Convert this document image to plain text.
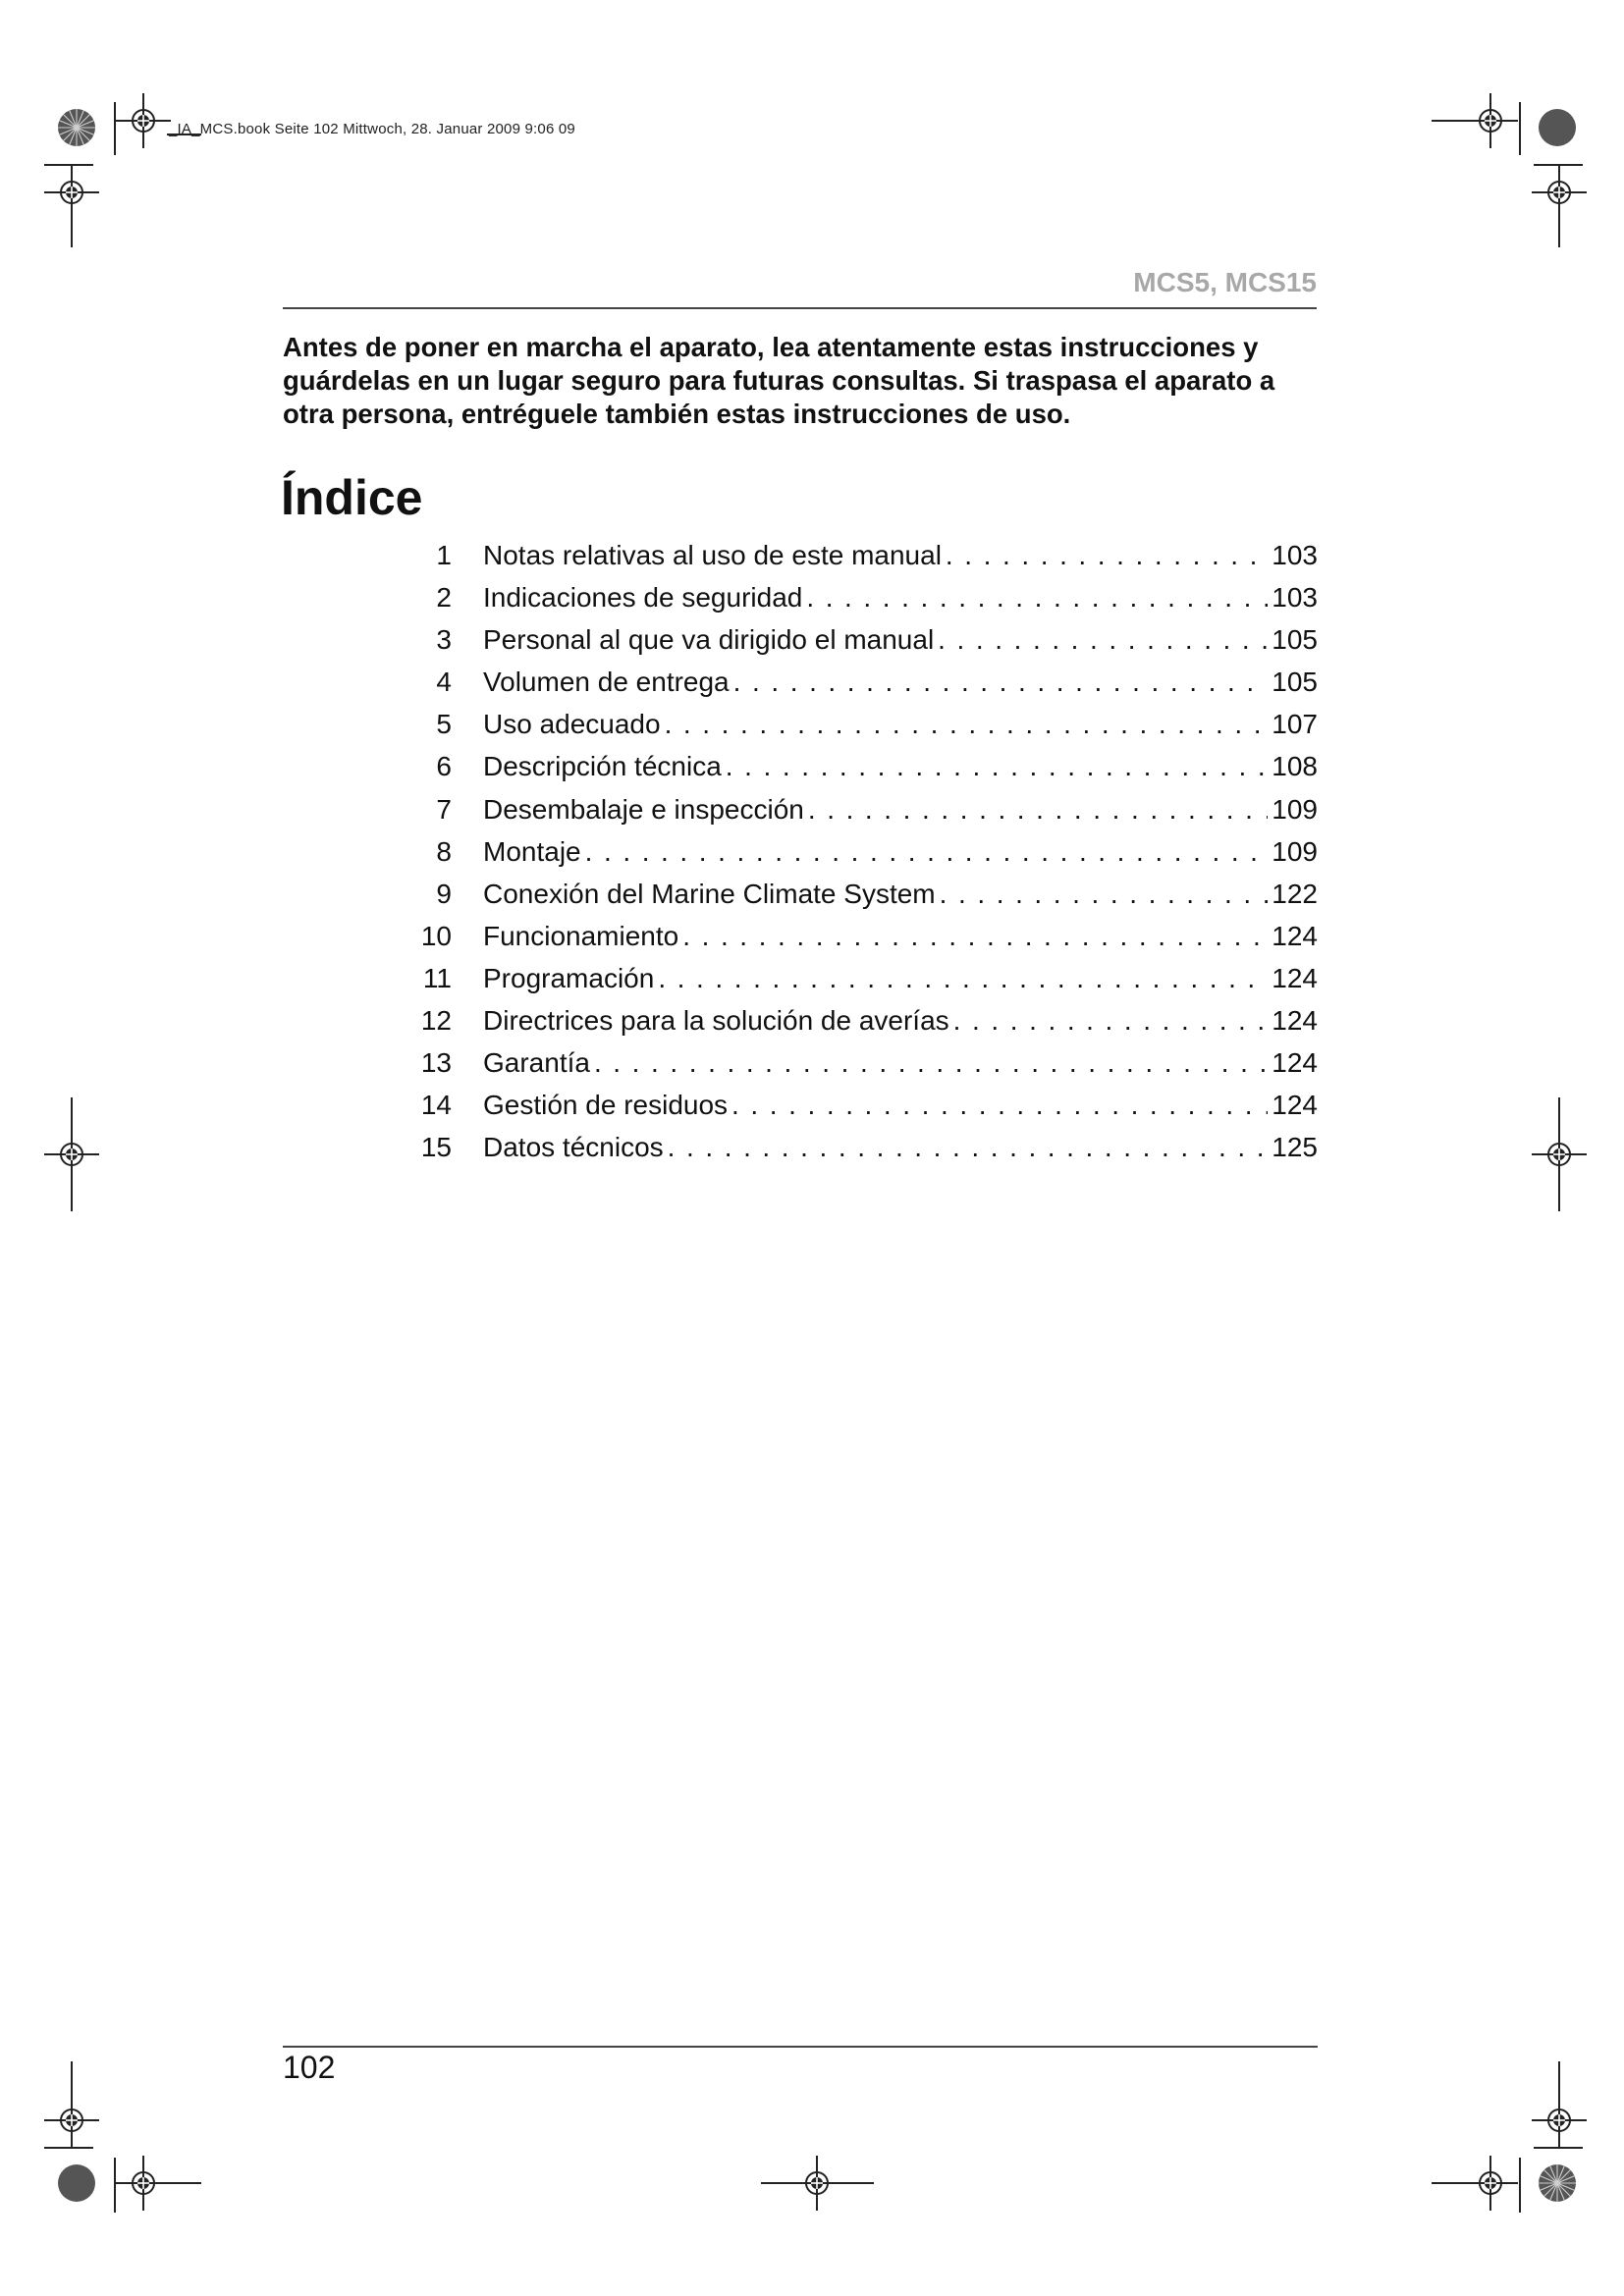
_IA_MCS.book Seite 102 Mittwoch, 28. Januar 2009 9:06 09
MCS5, MCS15
Antes de poner en marcha el aparato, lea atentamente estas instrucciones y guárdelas en un lugar seguro para futuras consultas. Si traspasa el aparato a otra persona, entréguele también estas instrucciones de uso.
Índice
1 Notas relativas al uso de este manual . . .	103
2 Indicaciones de seguridad . . .	103
3 Personal al que va dirigido el manual . . .	105
4 Volumen de entrega . . .	105
5 Uso adecuado . . .	107
6 Descripción técnica . . .	108
7 Desembalaje e inspección . . .	109
8 Montaje . . .	109
9 Conexión del Marine Climate System . . .	122
10 Funcionamiento . . .	124
11 Programación . . .	124
12 Directrices para la solución de averías . . .	124
13 Garantía . . .	124
14 Gestión de residuos . . .	124
15 Datos técnicos . . .	125
102
